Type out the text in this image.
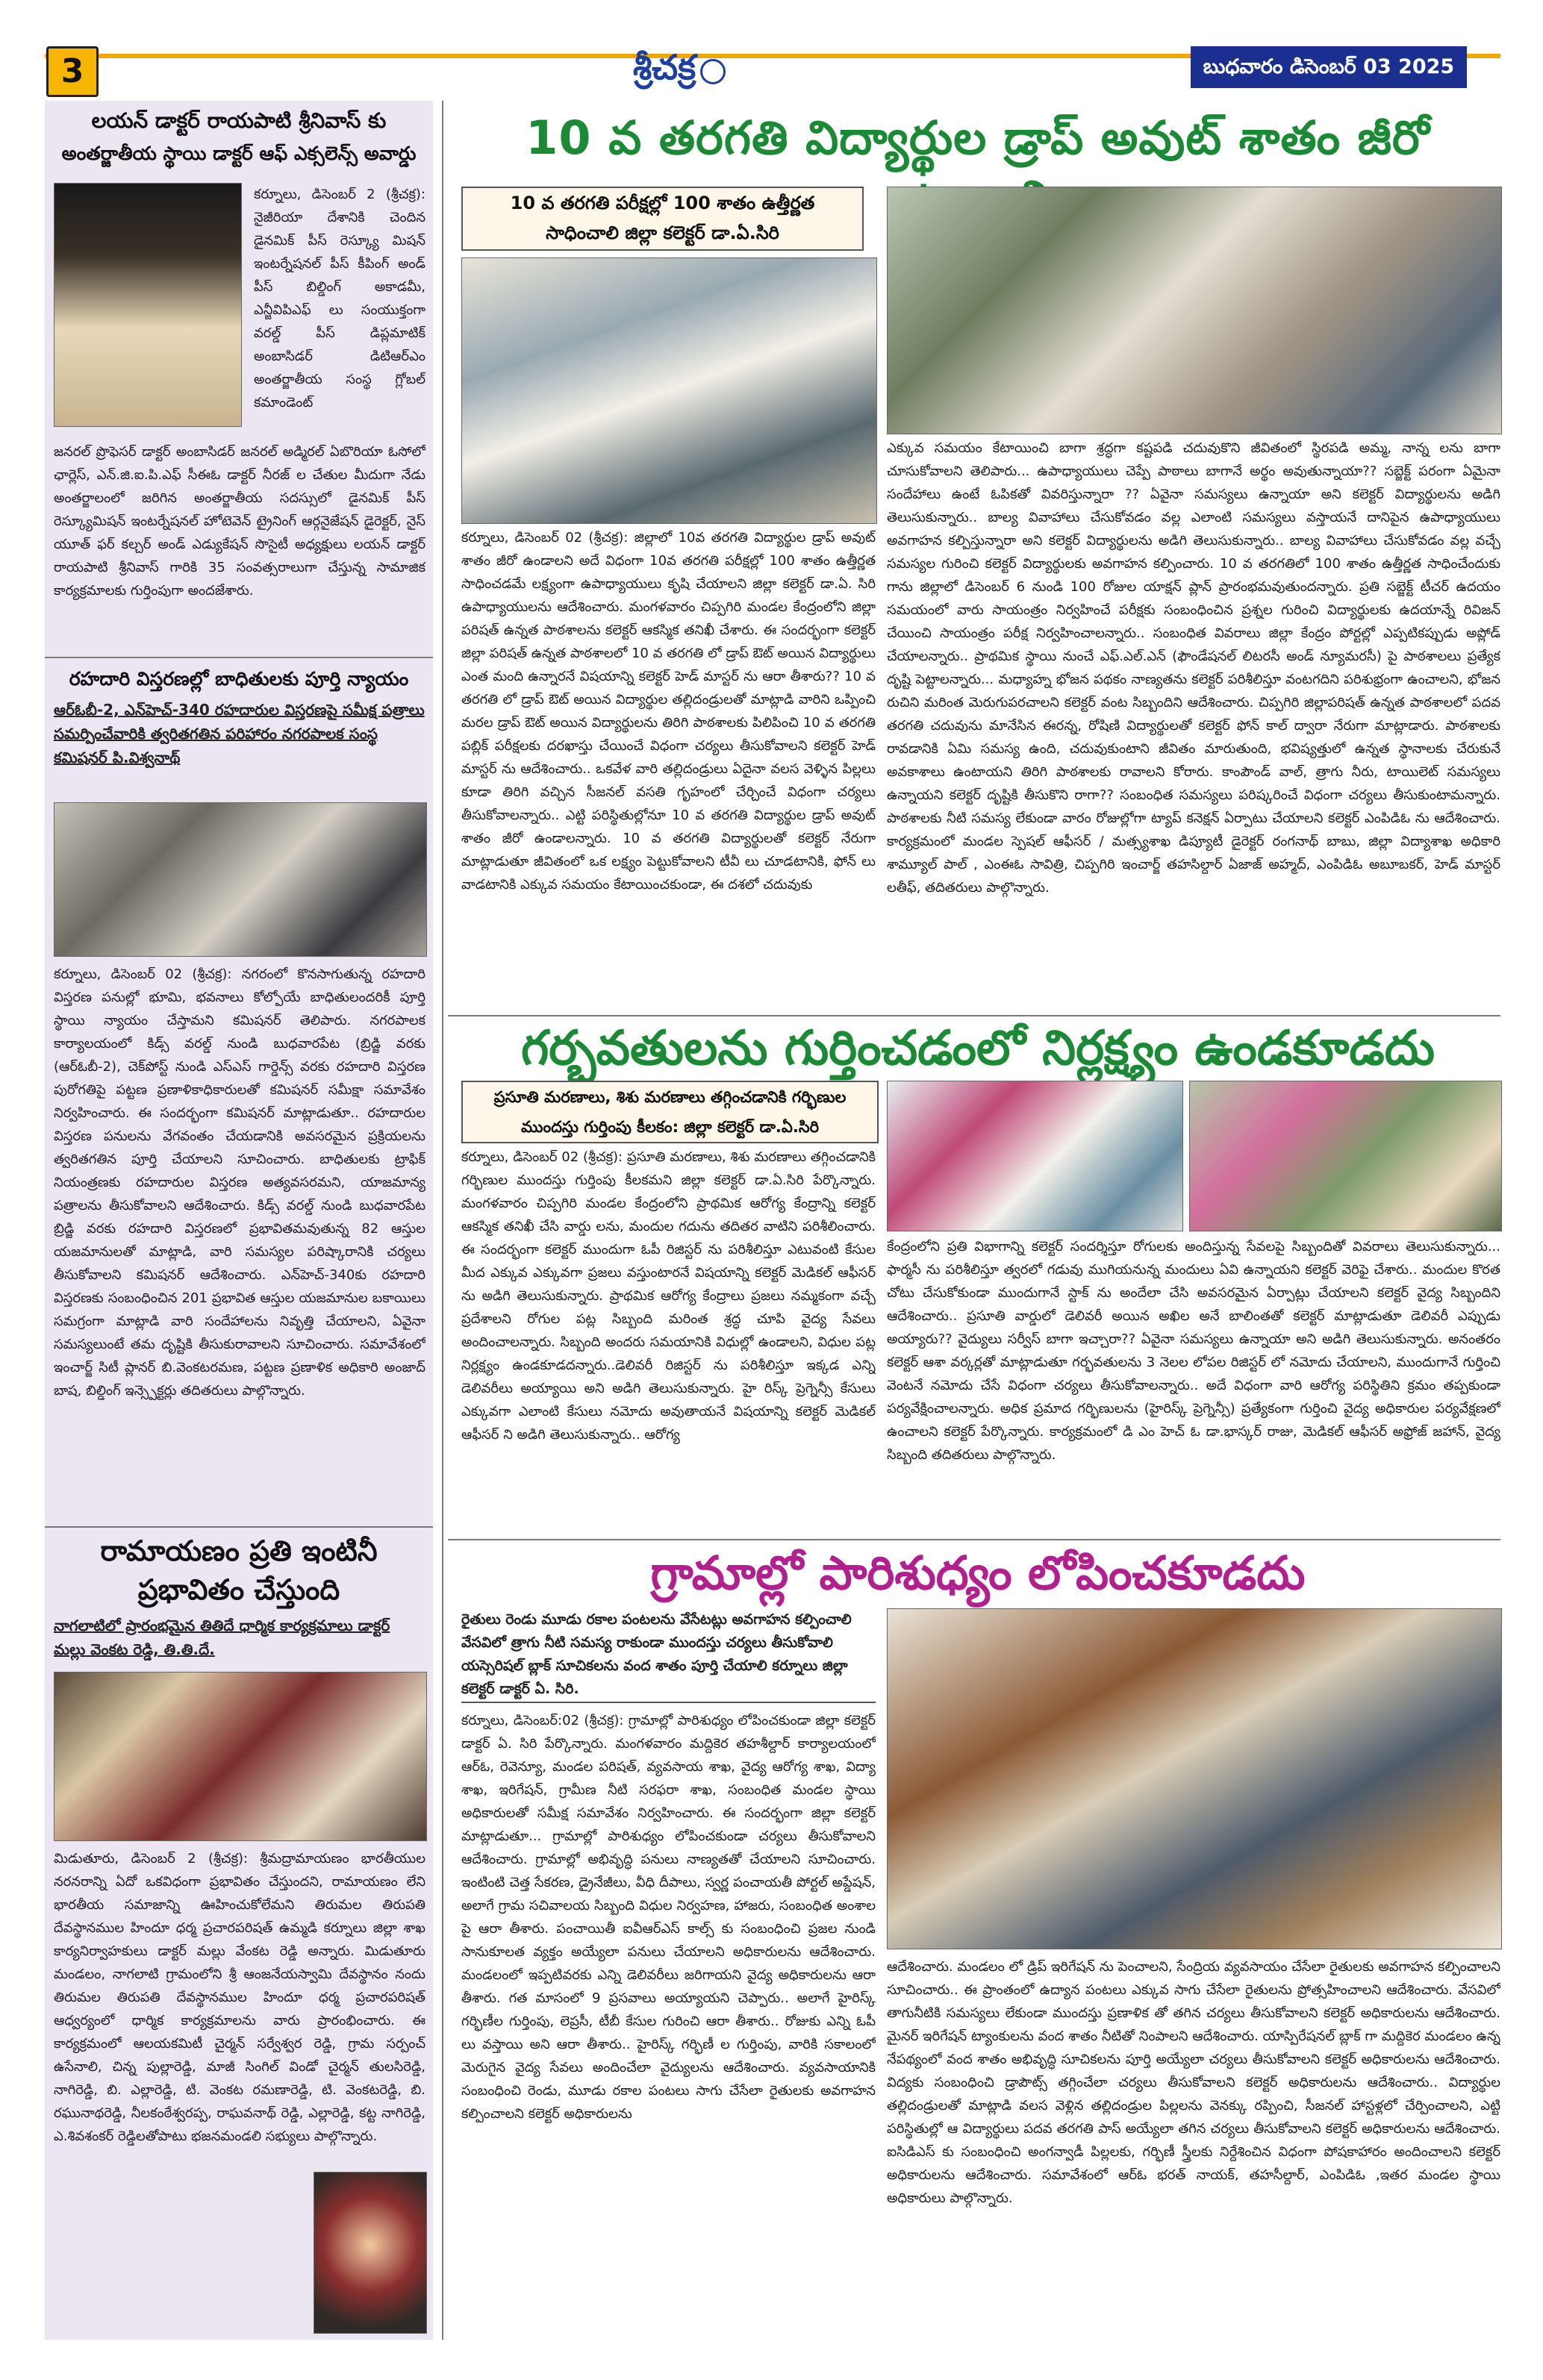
3	శ్రీచక్ర	బుధవారం డిసెంబర్ 03 2025
లయన్ డాక్టర్ రాయపాటి శ్రీనివాస్ కు
అంతర్జాతీయ స్థాయి డాక్టర్ ఆఫ్ ఎక్సలెన్స్ అవార్డు
కర్నూలు, డిసెంబర్ 2 (శ్రీచక్ర): నైజీరియా దేశానికి చెందిన డైనమిక్ పీస్ రెస్క్యూ మిషన్ ఇంటర్నేషనల్ పీస్ కీపింగ్ అండ్ పీస్ బిల్డింగ్ అకాడమీ, ఎన్జీవిపిఎఫ్ లు సంయుక్తంగా వరల్డ్ పీస్ డిప్లమాటిక్ అంబాసిడర్ డిటిఆర్ఎం అంతర్జాతీయ సంస్థ గ్లోబల్ కమాండెంట్
జనరల్ ప్రొఫెసర్ డాక్టర్ అంబాసిడర్ జనరల్ అడ్మిరల్ ఏబొరియా ఓసోలో ఛార్లెస్, ఎన్.జి.ఐ.పి.ఎఫ్ సీఈఓ డాక్టర్ నీరజ్ ల చేతుల మీదుగా నేడు అంతర్జాలంలో జరిగిన అంతర్జాతీయ సదస్సులో డైనమిక్ పీస్ రెస్క్యూమిషన్ ఇంటర్నేషనల్ హోటెవెన్ ట్రైనింగ్ ఆర్గనైజేషన్ డైరెక్టర్, నైస్ యూత్ ఫర్ కల్చర్ అండ్ ఎడ్యుకేషన్ సొసైటీ అధ్యక్షులు లయన్ డాక్టర్ రాయపాటి శ్రీనివాస్ గారికి 35 సంవత్సరాలుగా చేస్తున్న సామాజిక కార్యక్రమాలకు గుర్తింపుగా అందజేశారు.
రహదారి విస్తరణల్లో బాధితులకు పూర్తి న్యాయం
ఆర్ఓబీ-2, ఎన్‌హెచ్-340 రహదారుల విస్తరణపై సమీక్ష పత్రాలు సమర్పించేవారికి త్వరితగతిన పరిహారం నగరపాలక సంస్థ కమిషనర్ పి.విశ్వనాథ్
కర్నూలు, డిసెంబర్ 02 (శ్రీచక్ర): నగరంలో కొనసాగుతున్న రహదారి విస్తరణ పనుల్లో భూమి, భవనాలు కోల్పోయే బాధితులందరికీ పూర్తి స్థాయి న్యాయం చేస్తామని కమిషనర్ తెలిపారు. నగరపాలక కార్యాలయంలో కిడ్స్ వరల్డ్ నుండి బుధవారపేట (బ్రిడ్జి వరకు (ఆర్ఓబీ-2), చెక్‌పోస్ట్ నుండి ఎస్ఎస్ గార్డెన్స్ వరకు రహదారి విస్తరణ పురోగతిపై పట్టణ ప్రణాళికాధికారులతో కమిషనర్ సమీక్షా సమావేశం నిర్వహించారు. ఈ సందర్భంగా కమిషనర్ మాట్లాడుతూ.. రహదారుల విస్తరణ పనులను వేగవంతం చేయడానికి అవసరమైన ప్రక్రియలను త్వరితగతిన పూర్తి చేయాలని సూచించారు. బాధితులకు ట్రాఫిక్ నియంత్రణకు రహదారుల విస్తరణ అత్యవసరమని, యాజమాన్య పత్రాలను తీసుకోవాలని ఆదేశించారు. కిడ్స్ వరల్డ్ నుండి బుధవారపేట బ్రిడ్జి వరకు రహదారి విస్తరణలో ప్రభావితమవుతున్న 82 ఆస్తుల యజమానులతో మాట్లాడి, వారి సమస్యల పరిష్కారానికి చర్యలు తీసుకోవాలని కమిషనర్ ఆదేశించారు. ఎన్‌హెచ్-340కు రహదారి విస్తరణకు సంబంధించిన 201 ప్రభావిత ఆస్తుల యజమానుల బకాయిలు సమగ్రంగా మాట్లాడి వారి సందేహాలను నివృత్తి చేయాలని, ఏవైనా సమస్యలుంటే తమ దృష్టికి తీసుకురావాలని సూచించారు. సమావేశంలో ఇంచార్జ్ సిటీ ప్లానర్ బి.వెంకటరమణ, పట్టణ ప్రణాళిక అధికారి అంజాద్ బాష, బిల్డింగ్ ఇన్స్పెక్టర్లు తదితరులు పాల్గొన్నారు.
రామాయణం ప్రతి ఇంటినీ
ప్రభావితం చేస్తుంది
నాగలాటిలో ప్రారంభమైన తితిదే ధార్మిక కార్యక్రమాలు డాక్టర్ మల్లు వెంకట రెడ్డి, తి.తి.దే.
మిడుతూరు, డిసెంబర్ 2 (శ్రీచక్ర): శ్రీమద్రామాయణం భారతీయుల నరనరాన్ని ఏదో ఒకవిధంగా ప్రభావితం చేస్తుందని, రామాయణం లేని భారతీయ సమాజాన్ని ఊహించుకోలేమని తిరుమల తిరుపతి దేవస్థానముల హిందూ ధర్మ ప్రచారపరిషత్ ఉమ్మడి కర్నూలు జిల్లా శాఖ కార్యనిర్వాహకులు డాక్టర్ మల్లు వేంకట రెడ్డి అన్నారు. మిడుతూరు మండలం, నాగలాటి గ్రామంలోని శ్రీ ఆంజనేయస్వామి దేవస్థానం నందు తిరుమల తిరుపతి దేవస్థానముల హిందూ ధర్మ ప్రచారపరిషత్ ఆధ్వర్యంలో ధార్మిక కార్యక్రమాలను వారు ప్రారంభించారు. ఈ కార్యక్రమంలో ఆలయకమిటీ చైర్మన్ సర్వేశ్వర రెడ్డి, గ్రామ సర్పంచ్ ఉసేనాలి, చిన్న పుల్లారెడ్డి, మాజీ సింగిల్ విండో చైర్మన్ తులసిరెడ్డి, నాగిరెడ్డి, బి. ఎల్లారెడ్డి, టి. వెంకట రమణారెడ్డి, టి. వెంకటరెడ్డి, బి. రఘునాథరెడ్డి, నీలకంఠేశ్వరప్ప, రాఘవనాథ్ రెడ్డి, ఎల్లారెడ్డి, కట్ట నాగిరెడ్డి, ఎ.శివశంకర్ రెడ్డిలతోపాటు భజనమండలి సభ్యులు పాల్గొన్నారు.
10 వ తరగతి విద్యార్థుల డ్రాప్ అవుట్ శాతం జీరో
10 వ తరగతి పరీక్షల్లో 100 శాతం ఉత్తీర్ణత
సాధించాలి జిల్లా కలెక్టర్ డా.ఏ.సిరి
కర్నూలు, డిసెంబర్ 02 (శ్రీచక్ర): జిల్లాలో 10వ తరగతి విద్యార్థుల డ్రాప్ అవుట్ శాతం జీరో ఉండాలని అదే విధంగా 10వ తరగతి పరీక్షల్లో 100 శాతం ఉత్తీర్ణత సాధించడమే లక్ష్యంగా ఉపాధ్యాయులు కృషి చేయాలని జిల్లా కలెక్టర్ డా.ఏ. సిరి ఉపాధ్యాయులను ఆదేశించారు. మంగళవారం చిప్పగిరి మండల కేంద్రంలోని జిల్లా పరిషత్ ఉన్నత పాఠశాలను కలెక్టర్ ఆకస్మిక తనిఖీ చేశారు. ఈ సందర్భంగా కలెక్టర్ జిల్లా పరిషత్ ఉన్నత పాఠశాలలో 10 వ తరగతి లో డ్రాప్ ఔట్ అయిన విద్యార్థులు ఎంత మంది ఉన్నారనే విషయాన్ని కలెక్టర్ హెడ్ మాస్టర్ ను ఆరా తీశారు?? 10 వ తరగతి లో డ్రాప్ ఔట్ అయిన విద్యార్థుల తల్లిదండ్రులతో మాట్లాడి వారిని ఒప్పించి మరల డ్రాప్ ఔట్ అయిన విద్యార్థులను తిరిగి పాఠశాలకు పిలిపించి 10 వ తరగతి పబ్లిక్ పరీక్షలకు దరఖాస్తు చేయించే విధంగా చర్యలు తీసుకోవాలని కలెక్టర్ హెడ్ మాస్టర్ ను ఆదేశించారు.. ఒకవేళ వారి తల్లిదండ్రులు ఏదైనా వలస వెళ్ళిన పిల్లలు కూడా తిరిగి వచ్చిన సీజనల్ వసతి గృహంలో చేర్చించే విధంగా చర్యలు తీసుకోవాలన్నారు.. ఎట్టి పరిస్థితుల్లోనూ 10 వ తరగతి విద్యార్థుల డ్రాప్ అవుట్ శాతం జీరో ఉండాలన్నారు. 10 వ తరగతి విద్యార్థులతో కలెక్టర్ నేరుగా మాట్లాడుతూ జీవితంలో ఒక లక్ష్యం పెట్టుకోవాలని టీవీ లు చూడటానికి, ఫోన్ లు వాడటానికి ఎక్కువ సమయం కేటాయించకుండా, ఈ దశలో చదువుకు
ఎక్కువ సమయం కేటాయించి బాగా శ్రద్ధగా కష్టపడి చదువుకొని జీవితంలో స్థిరపడి అమ్మ, నాన్న లను బాగా చూసుకోవాలని తెలిపారు... ఉపాధ్యాయులు చెప్పే పాఠాలు బాగానే అర్థం అవుతున్నాయా?? సబ్జెక్ట్ పరంగా ఏమైనా సందేహాలు ఉంటే ఓపికతో వివరిస్తున్నారా ?? ఏవైనా సమస్యలు ఉన్నాయా అని కలెక్టర్ విద్యార్థులను అడిగి తెలుసుకున్నారు.. బాల్య వివాహాలు చేసుకోవడం వల్ల ఎలాంటి సమస్యలు వస్తాయనే దానిపైన ఉపాధ్యాయులు అవగాహన కల్పిస్తున్నారా అని కలెక్టర్ విద్యార్థులను అడిగి తెలుసుకున్నారు.. బాల్య వివాహాలు చేసుకోవడం వల్ల వచ్చే సమస్యల గురించి కలెక్టర్ విద్యార్థులకు అవగాహన కల్పించారు. 10 వ తరగతిలో 100 శాతం ఉత్తీర్ణత సాధించేందుకు గాను జిల్లాలో డిసెంబర్ 6 నుండి 100 రోజుల యాక్షన్ ప్లాన్ ప్రారంభమవుతుందన్నారు. ప్రతి సబ్జెక్ట్ టీచర్ ఉదయం సమయంలో వారు సాయంత్రం నిర్వహించే పరీక్షకు సంబంధించిన ప్రశ్నల గురించి విద్యార్థులకు ఉదయాన్నే రివిజన్ చేయించి సాయంత్రం పరీక్ష నిర్వహించాలన్నారు.. సంబంధిత వివరాలు జిల్లా కేంద్రం పోర్టల్లో ఎప్పటికప్పుడు అప్లోడ్ చేయాలన్నారు.. ప్రాథమిక స్థాయి నుంచే ఎఫ్.ఎల్.ఎన్ (ఫౌండేషనల్ లిటరసీ అండ్ న్యూమరసీ) పై పాఠశాలలు ప్రత్యేక దృష్టి పెట్టాలన్నారు... మధ్యాహ్న భోజన పథకం నాణ్యతను కలెక్టర్ పరిశీలిస్తూ వంటగదిని పరిశుభ్రంగా ఉంచాలని, భోజన రుచిని మరింత మెరుగుపరచాలని కలెక్టర్ వంట సిబ్బందిని ఆదేశించారు. చిప్పగిరి జిల్లాపరిషత్ ఉన్నత పాఠశాలలో పదవ తరగతి చదువును మానేసిన ఈరన్న, రోషిణి విద్యార్థులతో కలెక్టర్ ఫోన్ కాల్ ద్వారా నేరుగా మాట్లాడారు. పాఠశాలకు రావడానికి ఏమి సమస్య ఉంది, చదువుకుంటాని జీవితం మారుతుంది, భవిష్యత్తులో ఉన్నత స్థానాలకు చేరుకునే అవకాశాలు ఉంటాయని తిరిగి పాఠశాలకు రావాలని కోరారు. కాంపౌండ్ వాల్, త్రాగు నీరు, టాయిలెట్ సమస్యలు ఉన్నాయని కలెక్టర్ దృష్టికి తీసుకొని రాగా?? సంబంధిత సమస్యలు పరిష్కరించే విధంగా చర్యలు తీసుకుంటామన్నారు. పాఠశాలకు నీటి సమస్య లేకుండా వారం రోజుల్లోగా ట్యాప్ కనెక్షన్ ఏర్పాటు చేయాలని కలెక్టర్ ఎంపిడిఓ ను ఆదేశించారు. కార్యక్రమంలో మండల స్పెషల్ ఆఫీసర్ / మత్స్యశాఖ డిప్యూటీ డైరెక్టర్ రంగనాథ్ బాబు, జిల్లా విద్యాశాఖ అధికారి శామ్యూల్ పాల్ , ఎంఈఓ సావిత్రి, చిప్పగిరి ఇంచార్జ్ తహసిల్దార్ ఏజాజ్ అహ్మద్, ఎంపిడిఓ అబూబకర్, హెడ్ మాస్టర్ లతీఫ్, తదితరులు పాల్గొన్నారు.
గర్భవతులను గుర్తించడంలో నిర్లక్ష్యం ఉండకూడదు
ప్రసూతి మరణాలు, శిశు మరణాలు తగ్గించడానికి గర్భిణుల
ముందస్తు గుర్తింపు కీలకం: జిల్లా కలెక్టర్ డా.ఏ.సిరి
కర్నూలు, డిసెంబర్ 02 (శ్రీచక్ర): ప్రసూతి మరణాలు, శిశు మరణాలు తగ్గించడానికి గర్భిణుల ముందస్తు గుర్తింపు కీలకమని జిల్లా కలెక్టర్ డా.ఏ.సిరి పేర్కొన్నారు. మంగళవారం చిప్పగిరి మండల కేంద్రంలోని ప్రాథమిక ఆరోగ్య కేంద్రాన్ని కలెక్టర్ ఆకస్మిక తనిఖీ చేసి వార్డు లను, మందుల గదును తదితర వాటిని పరిశీలించారు. ఈ సందర్భంగా కలెక్టర్ ముందుగా ఓపీ రిజిస్టర్ ను పరిశీలిస్తూ ఎటువంటి కేసుల మీద ఎక్కువ ఎక్కువగా ప్రజలు వస్తుంటారనే విషయాన్ని కలెక్టర్ మెడికల్ ఆఫీసర్ ను అడిగి తెలుసుకున్నారు. ప్రాథమిక ఆరోగ్య కేంద్రాలు ప్రజలు నమ్మకంగా వచ్చే ప్రదేశాలని రోగుల పట్ల సిబ్బంది మరింత శ్రద్ధ చూపి వైద్య సేవలు అందించాలన్నారు. సిబ్బంది అందరు సమయానికి విధుల్లో ఉండాలని, విధుల పట్ల నిర్లక్ష్యం ఉండకూడదన్నారు..డెలివరీ రిజిస్టర్ ను పరిశీలిస్తూ ఇక్కడ ఎన్ని డెలివరీలు అయ్యాయి అని అడిగి తెలుసుకున్నారు. హై రిస్క్ ప్రెగ్నెన్సీ కేసులు ఎక్కువగా ఎలాంటి కేసులు నమోదు అవుతాయనే విషయాన్ని కలెక్టర్ మెడికల్ ఆఫీసర్ ని అడిగి తెలుసుకున్నారు.. ఆరోగ్య
కేంద్రంలోని ప్రతి విభాగాన్ని కలెక్టర్ సందర్శిస్తూ రోగులకు అందిస్తున్న సేవలపై సిబ్బందితో వివరాలు తెలుసుకున్నారు... ఫార్మసీ ను పరిశీలిస్తూ త్వరలో గడువు ముగియనున్న మందులు ఏవి ఉన్నాయని కలెక్టర్ వెరిఫై చేశారు.. మందుల కొరత చోటు చేసుకోకుండా ముందుగానే స్టాక్ ను అందేలా చేసి అవసరమైన ఏర్పాట్లు చేయాలని కలెక్టర్ వైద్య సిబ్బందిని ఆదేశించారు.. ప్రసూతి వార్డులో డెలివరీ అయిన అఖిల అనే బాలింతతో కలెక్టర్ మాట్లాడుతూ డెలివరీ ఎప్పుడు అయ్యారు?? వైద్యులు సర్వీస్ బాగా ఇచ్చారా?? ఏవైనా సమస్యలు ఉన్నాయా అని అడిగి తెలుసుకున్నారు. అనంతరం కలెక్టర్ ఆశా వర్కర్లతో మాట్లాడుతూ గర్భవతులను 3 నెలల లోపల రిజిస్టర్ లో నమోదు చేయాలని, ముందుగానే గుర్తించి వెంటనే నమోదు చేసే విధంగా చర్యలు తీసుకోవాలన్నారు.. అదే విధంగా వారి ఆరోగ్య పరిస్థితిని క్రమం తప్పకుండా పర్యవేక్షించాలన్నారు. అధిక ప్రమాద గర్భిణులను (హైరిస్క్ ప్రెగ్నెన్సీ) ప్రత్యేకంగా గుర్తించి వైద్య అధికారుల పర్యవేక్షణలో ఉంచాలని కలెక్టర్ పేర్కొన్నారు. కార్యక్రమంలో డి ఎం హెచ్ ఓ డా.భాస్కర్ రాజు, మెడికల్ ఆఫీసర్ అఫ్రోజ్ జహాన్, వైద్య సిబ్బంది తదితరులు పాల్గొన్నారు.
గ్రామాల్లో పారిశుధ్యం లోపించకూడదు
రైతులు రెండు మూడు రకాల పంటలను వేసేటట్లు అవగాహన కల్పించాలి వేసవిలో త్రాగు నీటి సమస్య రాకుండా ముందస్తు చర్యలు తీసుకోవాలి యస్సెరిషల్ బ్లాక్ సూచికలను వంద శాతం పూర్తి చేయాలి కర్నూలు జిల్లా కలెక్టర్ డాక్టర్ ఏ. సిరి.
కర్నూలు, డిసెంబర్:02 (శ్రీచక్ర): గ్రామాల్లో పారిశుధ్యం లోపించకుండా జిల్లా కలెక్టర్ డాక్టర్ ఏ. సిరి పేర్కొన్నారు. మంగళవారం మద్దికెర తహశీల్దార్ కార్యాలయంలో ఆర్ఓ, రెవెన్యూ, మండల పరిషత్, వ్యవసాయ శాఖ, వైద్య ఆరోగ్య శాఖ, విద్యా శాఖ, ఇరిగేషన్, గ్రామీణ నీటి సరఫరా శాఖ, సంబంధిత మండల స్థాయి అధికారులతో సమీక్ష సమావేశం నిర్వహించారు. ఈ సందర్భంగా జిల్లా కలెక్టర్ మాట్లాడుతూ... గ్రామాల్లో పారిశుధ్యం లోపించకుండా చర్యలు తీసుకోవాలని ఆదేశించారు. గ్రామాల్లో అభివృద్ధి పనులు నాణ్యతతో చేయాలని సూచించారు. ఇంటింటి చెత్త సేకరణ, డ్రైనేజీలు, వీధి దీపాలు, స్వర్ణ పంచాయతీ పోర్టల్ అప్డేషన్, అలాగే గ్రామ సచివాలయ సిబ్బంది విధుల నిర్వహణ, హాజరు, సంబంధిత అంశాల పై ఆరా తీశారు. పంచాయితీ ఐవీఆర్ఎస్ కాల్స్ కు సంబంధించి ప్రజల నుండి సానుకూలత వ్యక్తం అయ్యేలా పనులు చేయాలని అధికారులను ఆదేశించారు. మండలంలో ఇప్పటివరకు ఎన్ని డెలివరీలు జరిగాయని వైద్య అధికారులను ఆరా తీశారు. గత మాసంలో 9 ప్రసవాలు అయ్యాయని చెప్పారు.. అలాగే హైరిస్క్ గర్భిణీల గుర్తింపు, లెప్రసీ, టీబీ కేసుల గురించి ఆరా తీశారు.. రోజుకు ఎన్ని ఓపీ లు వస్తాయి అని ఆరా తీశారు.. హైరిస్క్ గర్భిణీ ల గుర్తింపు, వారికి సకాలంలో మెరుగైన వైద్య సేవలు అందించేలా వైద్యులను ఆదేశించారు. వ్యవసాయానికి సంబంధించి రెండు, మూడు రకాల పంటలు సాగు చేసేలా రైతులకు అవగాహన కల్పించాలని కలెక్టర్ అధికారులను
ఆదేశించారు. మండలం లో డ్రిప్ ఇరిగేషన్ ను పెంచాలని, సేంద్రియ వ్యవసాయం చేసేలా రైతులకు అవగాహన కల్పించాలని సూచించారు.. ఈ ప్రాంతంలో ఉద్యాన పంటలు ఎక్కువ సాగు చేసేలా రైతులను ప్రోత్సహించాలని ఆదేశించారు. వేసవిలో తాగునీటికి సమస్యలు లేకుండా ముందస్తు ప్రణాళిక తో తగిన చర్యలు తీసుకోవాలని కలెక్టర్ అధికారులను ఆదేశించారు. మైనర్ ఇరిగేషన్ ట్యాంకులను వంద శాతం నీటితో నింపాలని ఆదేశించారు. యాస్పిరేషనల్ బ్లాక్ గా మద్దికెర మండలం ఉన్న నేపథ్యంలో వంద శాతం అభివృద్ధి సూచికలను పూర్తి అయ్యేలా చర్యలు తీసుకోవాలని కలెక్టర్ అధికారులను ఆదేశించారు. విద్యకు సంబంధించి డ్రాపౌట్స్ తగ్గించేలా చర్యలు తీసుకోవాలని కలెక్టర్ అధికారులను ఆదేశించారు.. విద్యార్థుల తల్లిదండ్రులతో మాట్లాడి వలస వెళ్లిన తల్లిదండ్రుల పిల్లలను వెనక్కు రప్పించి, సీజనల్ హాస్టళ్లలో చేర్పించాలని, ఎట్టి పరిస్థితుల్లో ఆ విద్యార్థులు పదవ తరగతి పాస్ అయ్యేలా తగిన చర్యలు తీసుకోవాలని కలెక్టర్ అధికారులను ఆదేశించారు. ఐసిడిఎస్ కు సంబంధించి అంగన్వాడీ పిల్లలకు, గర్భిణీ స్త్రీలకు నిర్దేశించిన విధంగా పోషకాహారం అందించాలని కలెక్టర్ అధికారులను ఆదేశించారు. సమావేశంలో ఆర్ఓ భరత్ నాయక్, తహసీల్దార్, ఎంపిడిఓ ,ఇతర మండల స్థాయి అధికారులు పాల్గొన్నారు.
